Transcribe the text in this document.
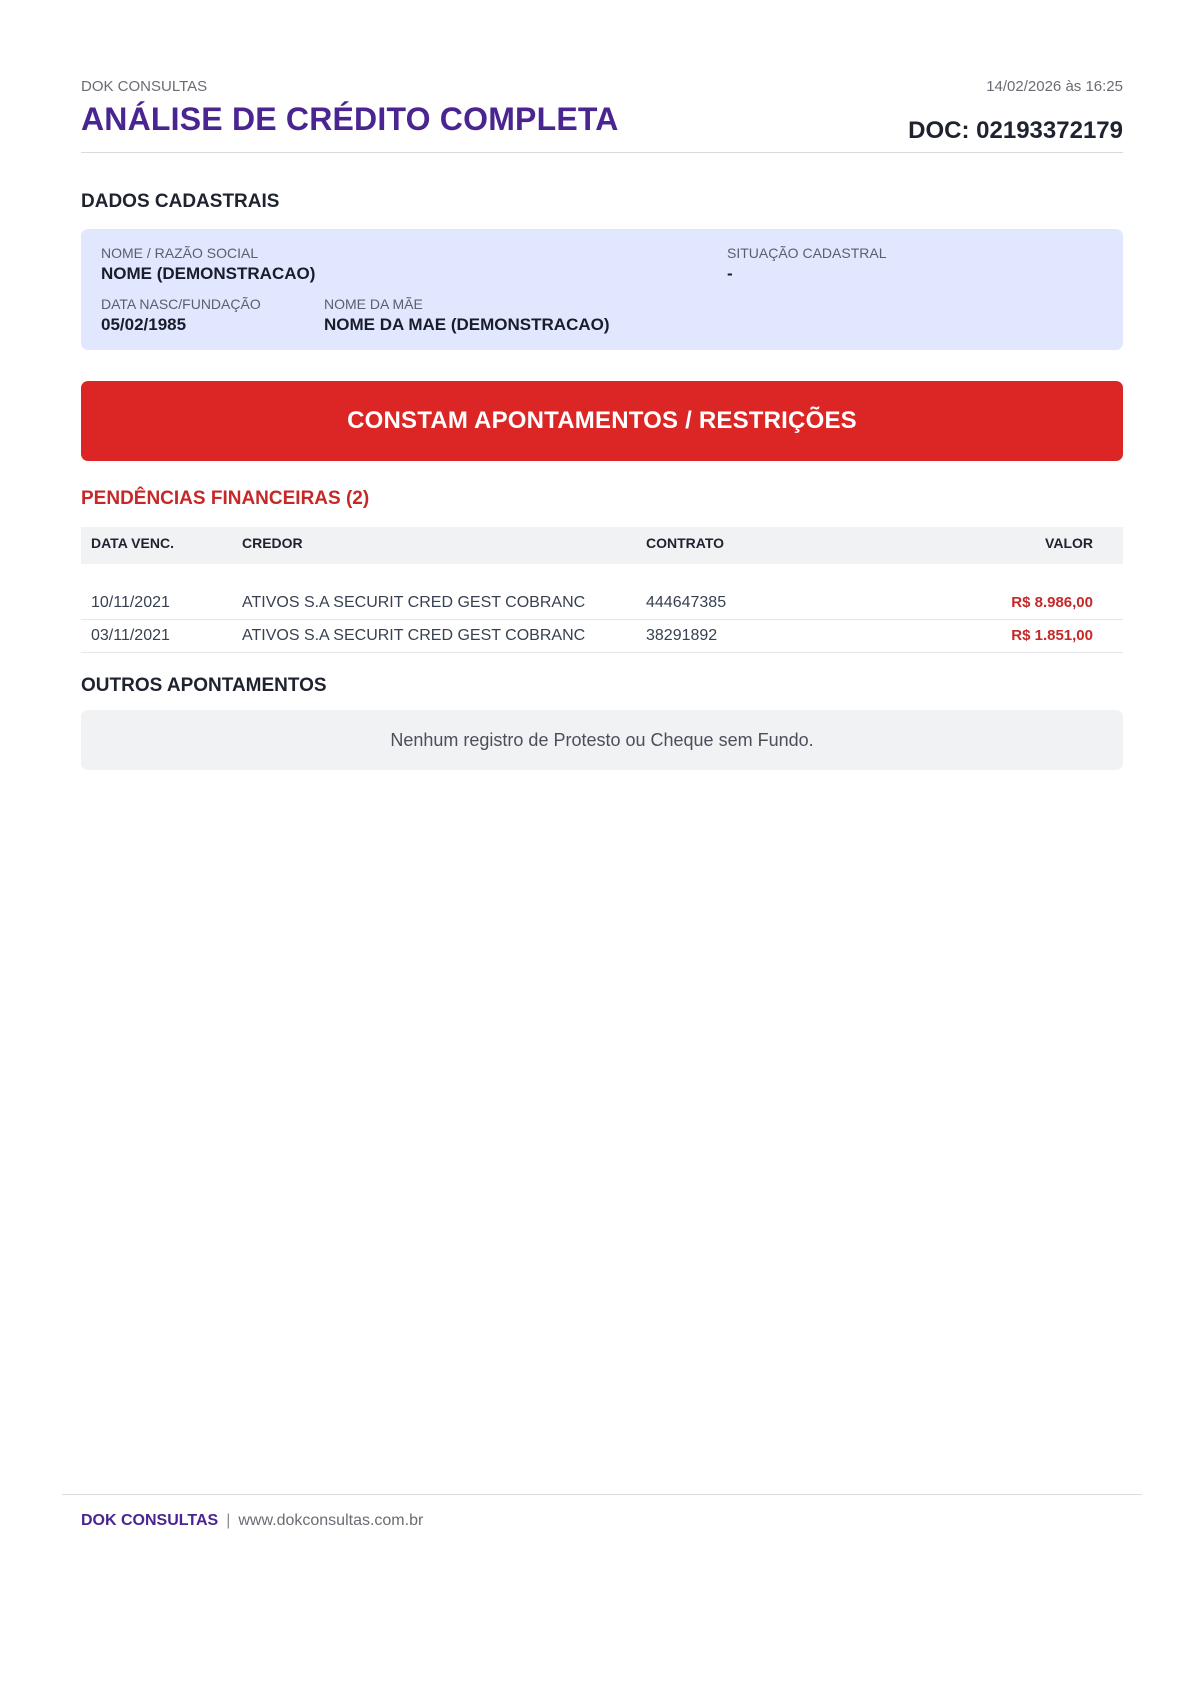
DOK CONSULTAS
ANÁLISE DE CRÉDITO COMPLETA
14/02/2026 às 16:25
DOC: 02193372179
DADOS CADASTRAIS
NOME / RAZÃO SOCIAL
NOME (DEMONSTRACAO)
SITUAÇÃO CADASTRAL
-
DATA NASC/FUNDAÇÃO
05/02/1985
NOME DA MÃE
NOME DA MAE (DEMONSTRACAO)
CONSTAM APONTAMENTOS / RESTRIÇÕES
PENDÊNCIAS FINANCEIRAS (2)
DATA VENC.	CREDOR	CONTRATO	VALOR
10/11/2021	ATIVOS S.A SECURIT CRED GEST COBRANC	444647385	R$ 8.986,00
03/11/2021	ATIVOS S.A SECURIT CRED GEST COBRANC	38291892	R$ 1.851,00
OUTROS APONTAMENTOS
Nenhum registro de Protesto ou Cheque sem Fundo.
DOK CONSULTAS | www.dokconsultas.com.br
